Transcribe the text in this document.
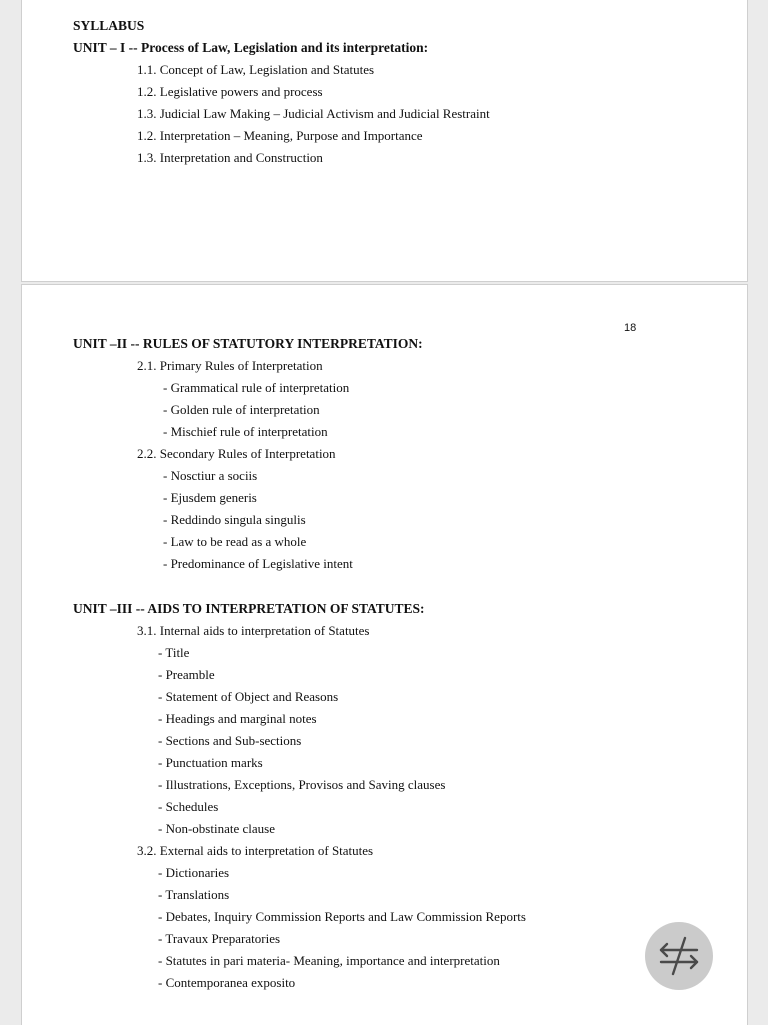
SYLLABUS
UNIT – I -- Process of Law, Legislation and its interpretation:
1.1. Concept of Law, Legislation and Statutes
1.2. Legislative powers and process
1.3. Judicial Law Making – Judicial Activism and Judicial Restraint
1.2. Interpretation – Meaning, Purpose and Importance
1.3. Interpretation and Construction
18
UNIT –II -- RULES OF STATUTORY INTERPRETATION:
2.1. Primary Rules of Interpretation
- Grammatical rule of interpretation
- Golden rule of interpretation
- Mischief rule of interpretation
2.2. Secondary Rules of Interpretation
- Nosctiur a sociis
- Ejusdem generis
- Reddindo singula singulis
- Law to be read as a whole
- Predominance of Legislative intent
UNIT –III -- AIDS TO INTERPRETATION OF STATUTES:
3.1. Internal aids to interpretation of Statutes
- Title
- Preamble
- Statement of Object and Reasons
- Headings and marginal notes
- Sections and Sub-sections
- Punctuation marks
- Illustrations, Exceptions, Provisos and Saving clauses
- Schedules
- Non-obstinate clause
3.2. External aids to interpretation of Statutes
- Dictionaries
- Translations
- Debates, Inquiry Commission Reports and Law Commission Reports
- Travaux Preparatories
- Statutes in pari materia- Meaning, importance and interpretation
- Contemporanea exposito
